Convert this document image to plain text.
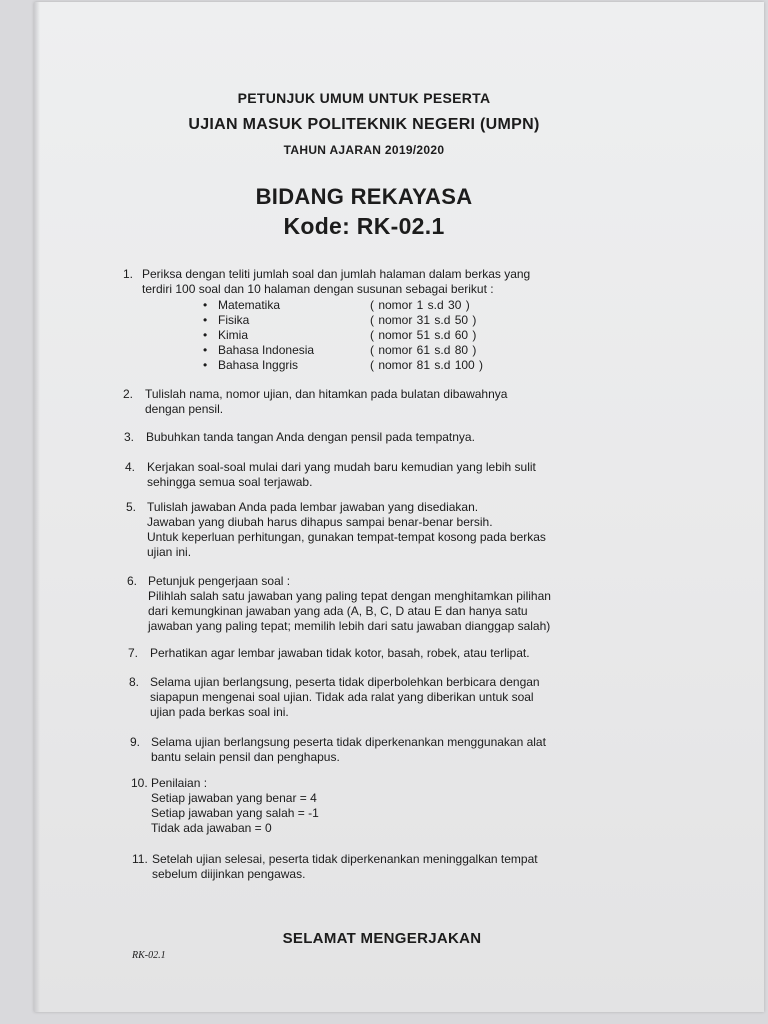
PETUNJUK UMUM UNTUK PESERTA
UJIAN MASUK POLITEKNIK NEGERI (UMPN)
TAHUN AJARAN 2019/2020
BIDANG REKAYASA
Kode: RK-02.1
1. Periksa dengan teliti jumlah soal dan jumlah halaman dalam berkas yang
terdiri 100 soal dan 10 halaman dengan susunan sebagai berikut :
• Matematika	( nomor 1 s.d 30 )
• Fisika	( nomor 31 s.d 50 )
• Kimia	( nomor 51 s.d 60 )
• Bahasa Indonesia	( nomor 61 s.d 80 )
• Bahasa Inggris	( nomor 81 s.d 100 )
2. Tulislah nama, nomor ujian, dan hitamkan pada bulatan dibawahnya
dengan pensil.
3. Bubuhkan tanda tangan Anda dengan pensil pada tempatnya.
4. Kerjakan soal-soal mulai dari yang mudah baru kemudian yang lebih sulit
sehingga semua soal terjawab.
5. Tulislah jawaban Anda pada lembar jawaban yang disediakan.
Jawaban yang diubah harus dihapus sampai benar-benar bersih.
Untuk keperluan perhitungan, gunakan tempat-tempat kosong pada berkas
ujian ini.
6. Petunjuk pengerjaan soal :
Pilihlah salah satu jawaban yang paling tepat dengan menghitamkan pilihan
dari kemungkinan jawaban yang ada (A, B, C, D atau E dan hanya satu
jawaban yang paling tepat; memilih lebih dari satu jawaban dianggap salah)
7. Perhatikan agar lembar jawaban tidak kotor, basah, robek, atau terlipat.
8. Selama ujian berlangsung, peserta tidak diperbolehkan berbicara dengan
siapapun mengenai soal ujian. Tidak ada ralat yang diberikan untuk soal
ujian pada berkas soal ini.
9. Selama ujian berlangsung peserta tidak diperkenankan menggunakan alat
bantu selain pensil dan penghapus.
10. Penilaian :
Setiap jawaban yang benar = 4
Setiap jawaban yang salah = -1
Tidak ada jawaban = 0
11. Setelah ujian selesai, peserta tidak diperkenankan meninggalkan tempat
sebelum diijinkan pengawas.
SELAMAT MENGERJAKAN
RK-02.1
